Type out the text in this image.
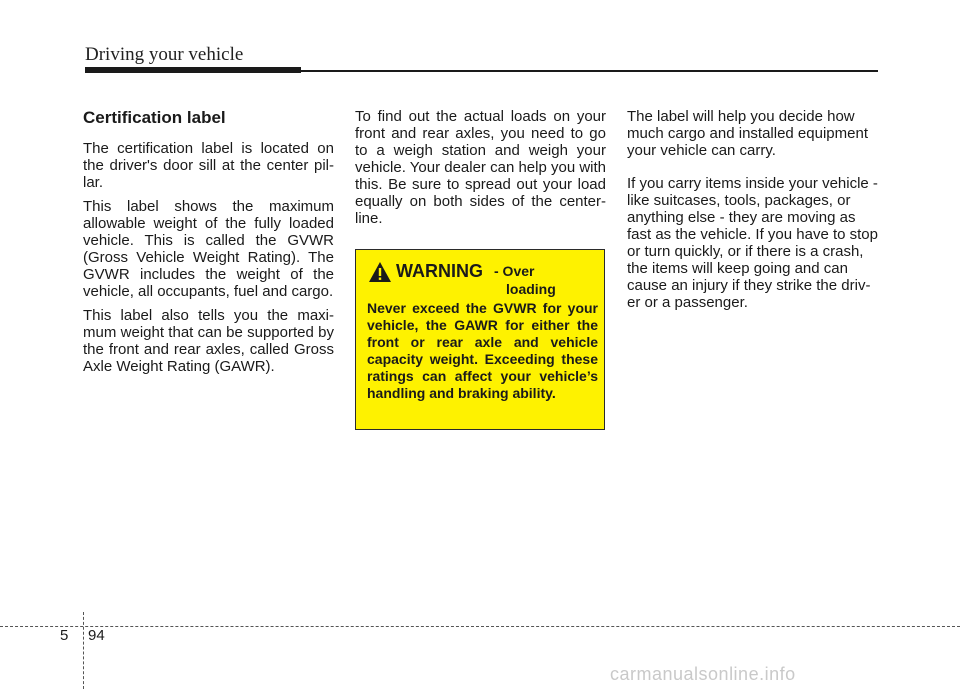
Driving your vehicle
Certification label

The certification label is located on the driver's door sill at the center pil- lar.

This label shows the maximum allowable weight of the fully loaded vehicle. This is called the GVWR (Gross Vehicle Weight Rating). The GVWR includes the weight of the vehicle, all occupants, fuel and cargo.

This label also tells you the maxi- mum weight that can be supported by the front and rear axles, called Gross Axle Weight Rating (GAWR).

To find out the actual loads on your front and rear axles, you need to go to a weigh station and weigh your vehicle. Your dealer can help you with this. Be sure to spread out your load equally on both sides of the center- line.

WARNING - Over
loading
Never exceed the GVWR for your vehicle, the GAWR for either the front or rear axle and vehicle capacity weight. Exceeding these ratings can affect your vehicle’s handling and braking ability.

The label will help you decide how much cargo and installed equipment your vehicle can carry.

If you carry items inside your vehicle - like suitcases, tools, packages, or anything else - they are moving as fast as the vehicle. If you have to stop or turn quickly, or if there is a crash, the items will keep going and can cause an injury if they strike the driv- er or a passenger.

5 94
carmanualsonline.info
